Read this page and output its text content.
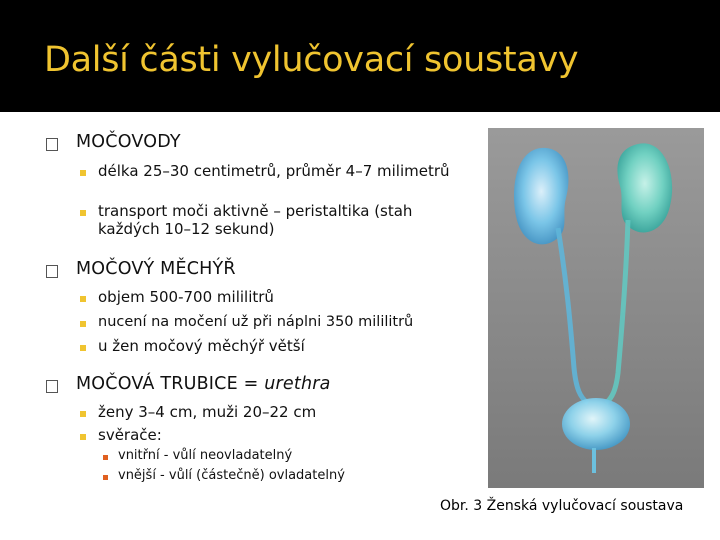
Další části vylučovací soustavy
MOČOVODY
délka 25–30 centimetrů, průměr 4–7 milimetrů
transport moči aktivně – peristaltika (stah každých 10–12 sekund)
MOČOVÝ MĚCHÝŘ
objem 500-700 mililitrů
nucení na močení už při náplni 350 mililitrů
u žen močový měchýř větší
MOČOVÁ TRUBICE = urethra
ženy 3–4 cm, muži 20–22 cm
svěrače:
vnitřní - vůlí neovladatelný
vnější - vůlí (částečně) ovladatelný
Obr. 3 Ženská vylučovací soustava
